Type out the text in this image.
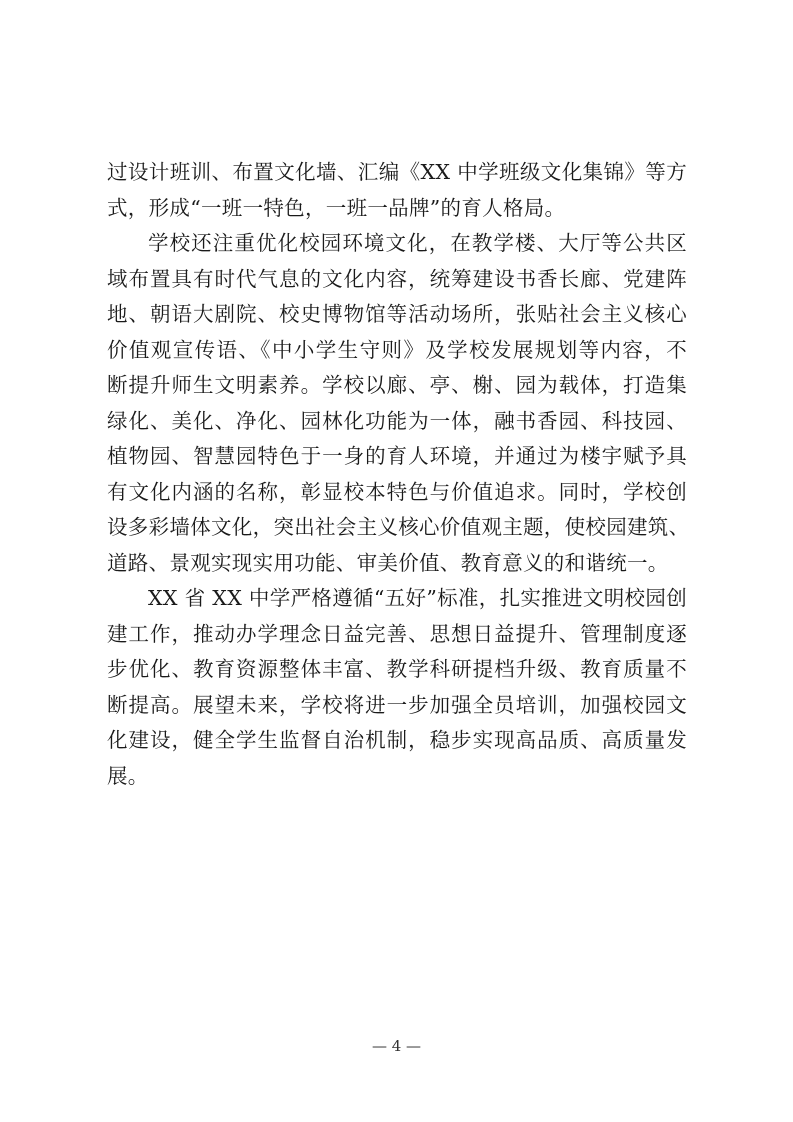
过设计班训、布置文化墙、汇编《XX 中学班级文化集锦》等方
式，形成“一班一特色，一班一品牌”的育人格局。
学校还注重优化校园环境文化，在教学楼、大厅等公共区
域布置具有时代气息的文化内容，统筹建设书香长廊、党建阵
地、朝语大剧院、校史博物馆等活动场所，张贴社会主义核心
价值观宣传语、《中小学生守则》及学校发展规划等内容，不
断提升师生文明素养。学校以廊、亭、榭、园为载体，打造集
绿化、美化、净化、园林化功能为一体，融书香园、科技园、
植物园、智慧园特色于一身的育人环境，并通过为楼宇赋予具
有文化内涵的名称，彰显校本特色与价值追求。同时，学校创
设多彩墙体文化，突出社会主义核心价值观主题，使校园建筑、
道路、景观实现实用功能、审美价值、教育意义的和谐统一。
XX 省 XX 中学严格遵循“五好”标准，扎实推进文明校园创
建工作，推动办学理念日益完善、思想日益提升、管理制度逐
步优化、教育资源整体丰富、教学科研提档升级、教育质量不
断提高。展望未来，学校将进一步加强全员培训，加强校园文
化建设，健全学生监督自治机制，稳步实现高品质、高质量发
展。
— 4 —
